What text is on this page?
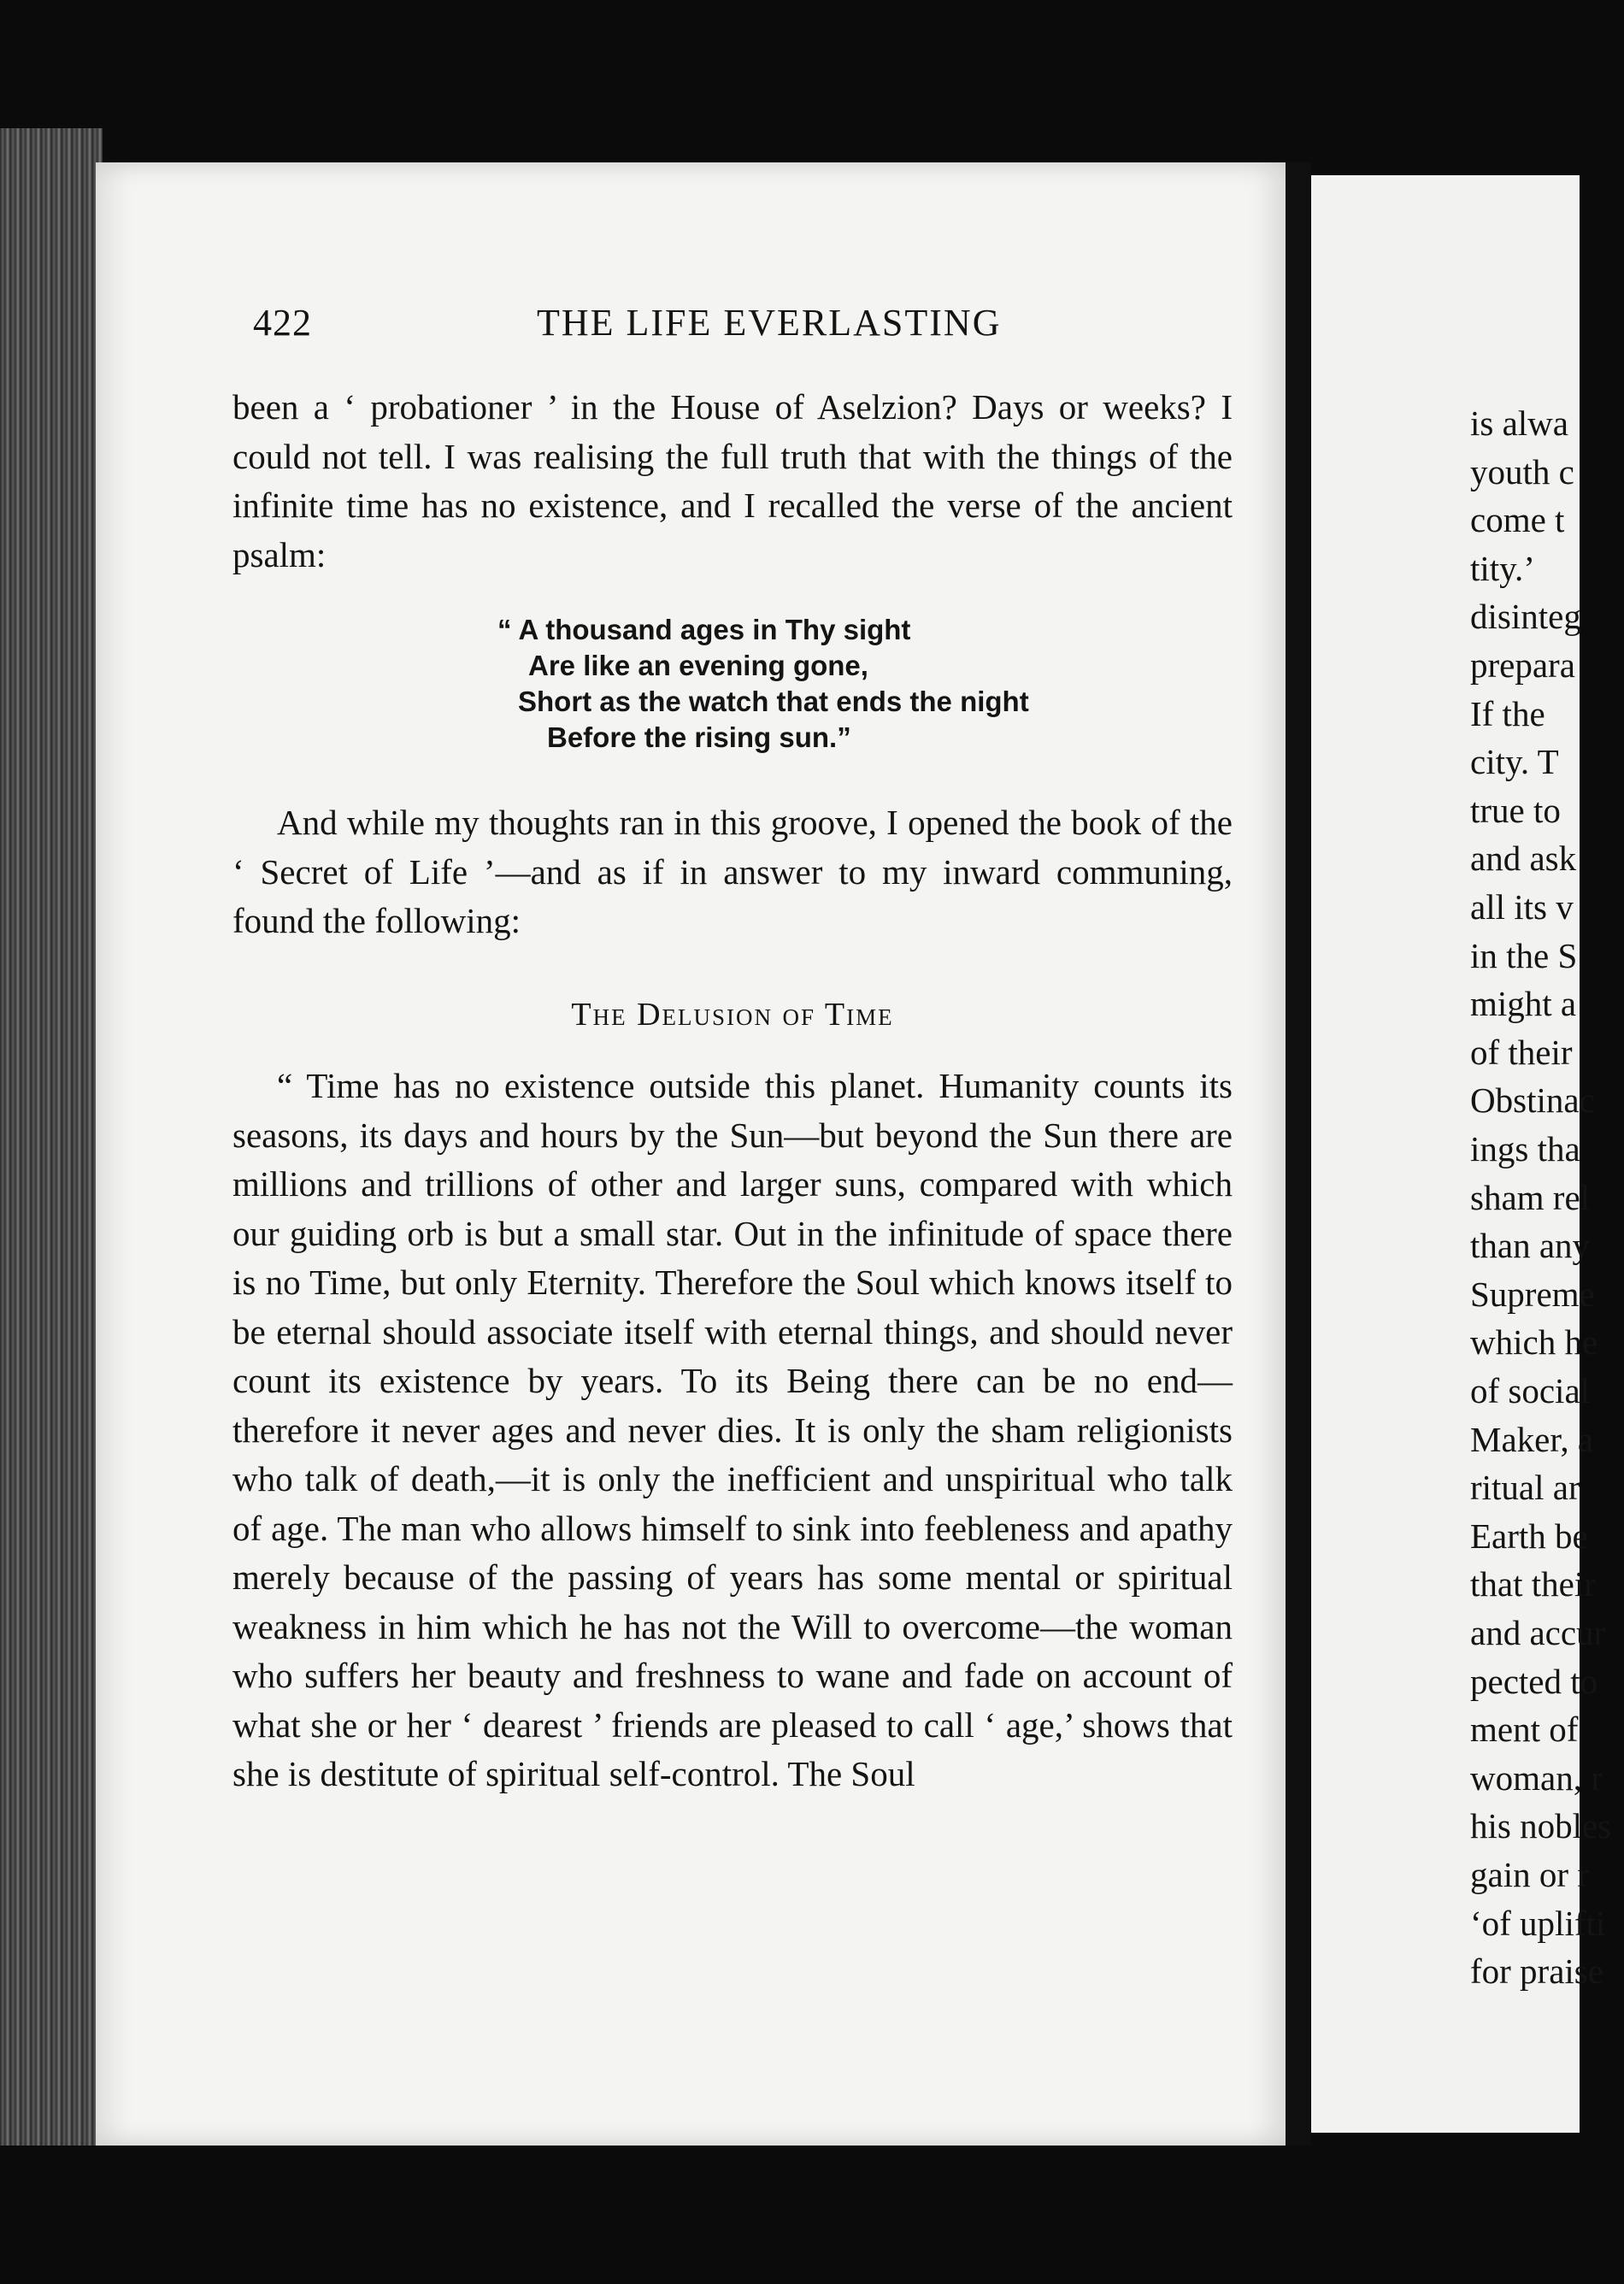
422	THE LIFE EVERLASTING

been a ‘ probationer ’ in the House of Aselzion? Days or weeks? I could not tell. I was realising the full truth that with the things of the infinite time has no existence, and I recalled the verse of the ancient psalm:

“ A thousand ages in Thy sight
Are like an evening gone,
Short as the watch that ends the night
Before the rising sun.”

And while my thoughts ran in this groove, I opened the book of the ‘ Secret of Life ’—and as if in answer to my inward communing, found the following:

The Delusion of Time

“ Time has no existence outside this planet. Humanity counts its seasons, its days and hours by the Sun—but beyond the Sun there are millions and trillions of other and larger suns, compared with which our guiding orb is but a small star. Out in the infinitude of space there is no Time, but only Eternity. Therefore the Soul which knows itself to be eternal should associate itself with eternal things, and should never count its existence by years. To its Being there can be no end—therefore it never ages and never dies. It is only the sham religionists who talk of death,—it is only the inefficient and unspiritual who talk of age. The man who allows himself to sink into feebleness and apathy merely because of the passing of years has some mental or spiritual weakness in him which he has not the Will to overcome—the woman who suffers her beauty and freshness to wane and fade on account of what she or her ‘ dearest ’ friends are pleased to call ‘ age,’ shows that she is destitute of spiritual self-control. The Soul

is alwa
youth c
come t
tity.’
disinteg
prepara
If the
city. T
true to
and ask
all its v
in the S
might a
of their
Obstinac
ings tha
sham rel
than any
Supreme
which he
of social
Maker, a
ritual ar
Earth be
that their
and accur
pected to
ment of
woman, r
his nobles
gain or r
‘of uplifti
for praise
